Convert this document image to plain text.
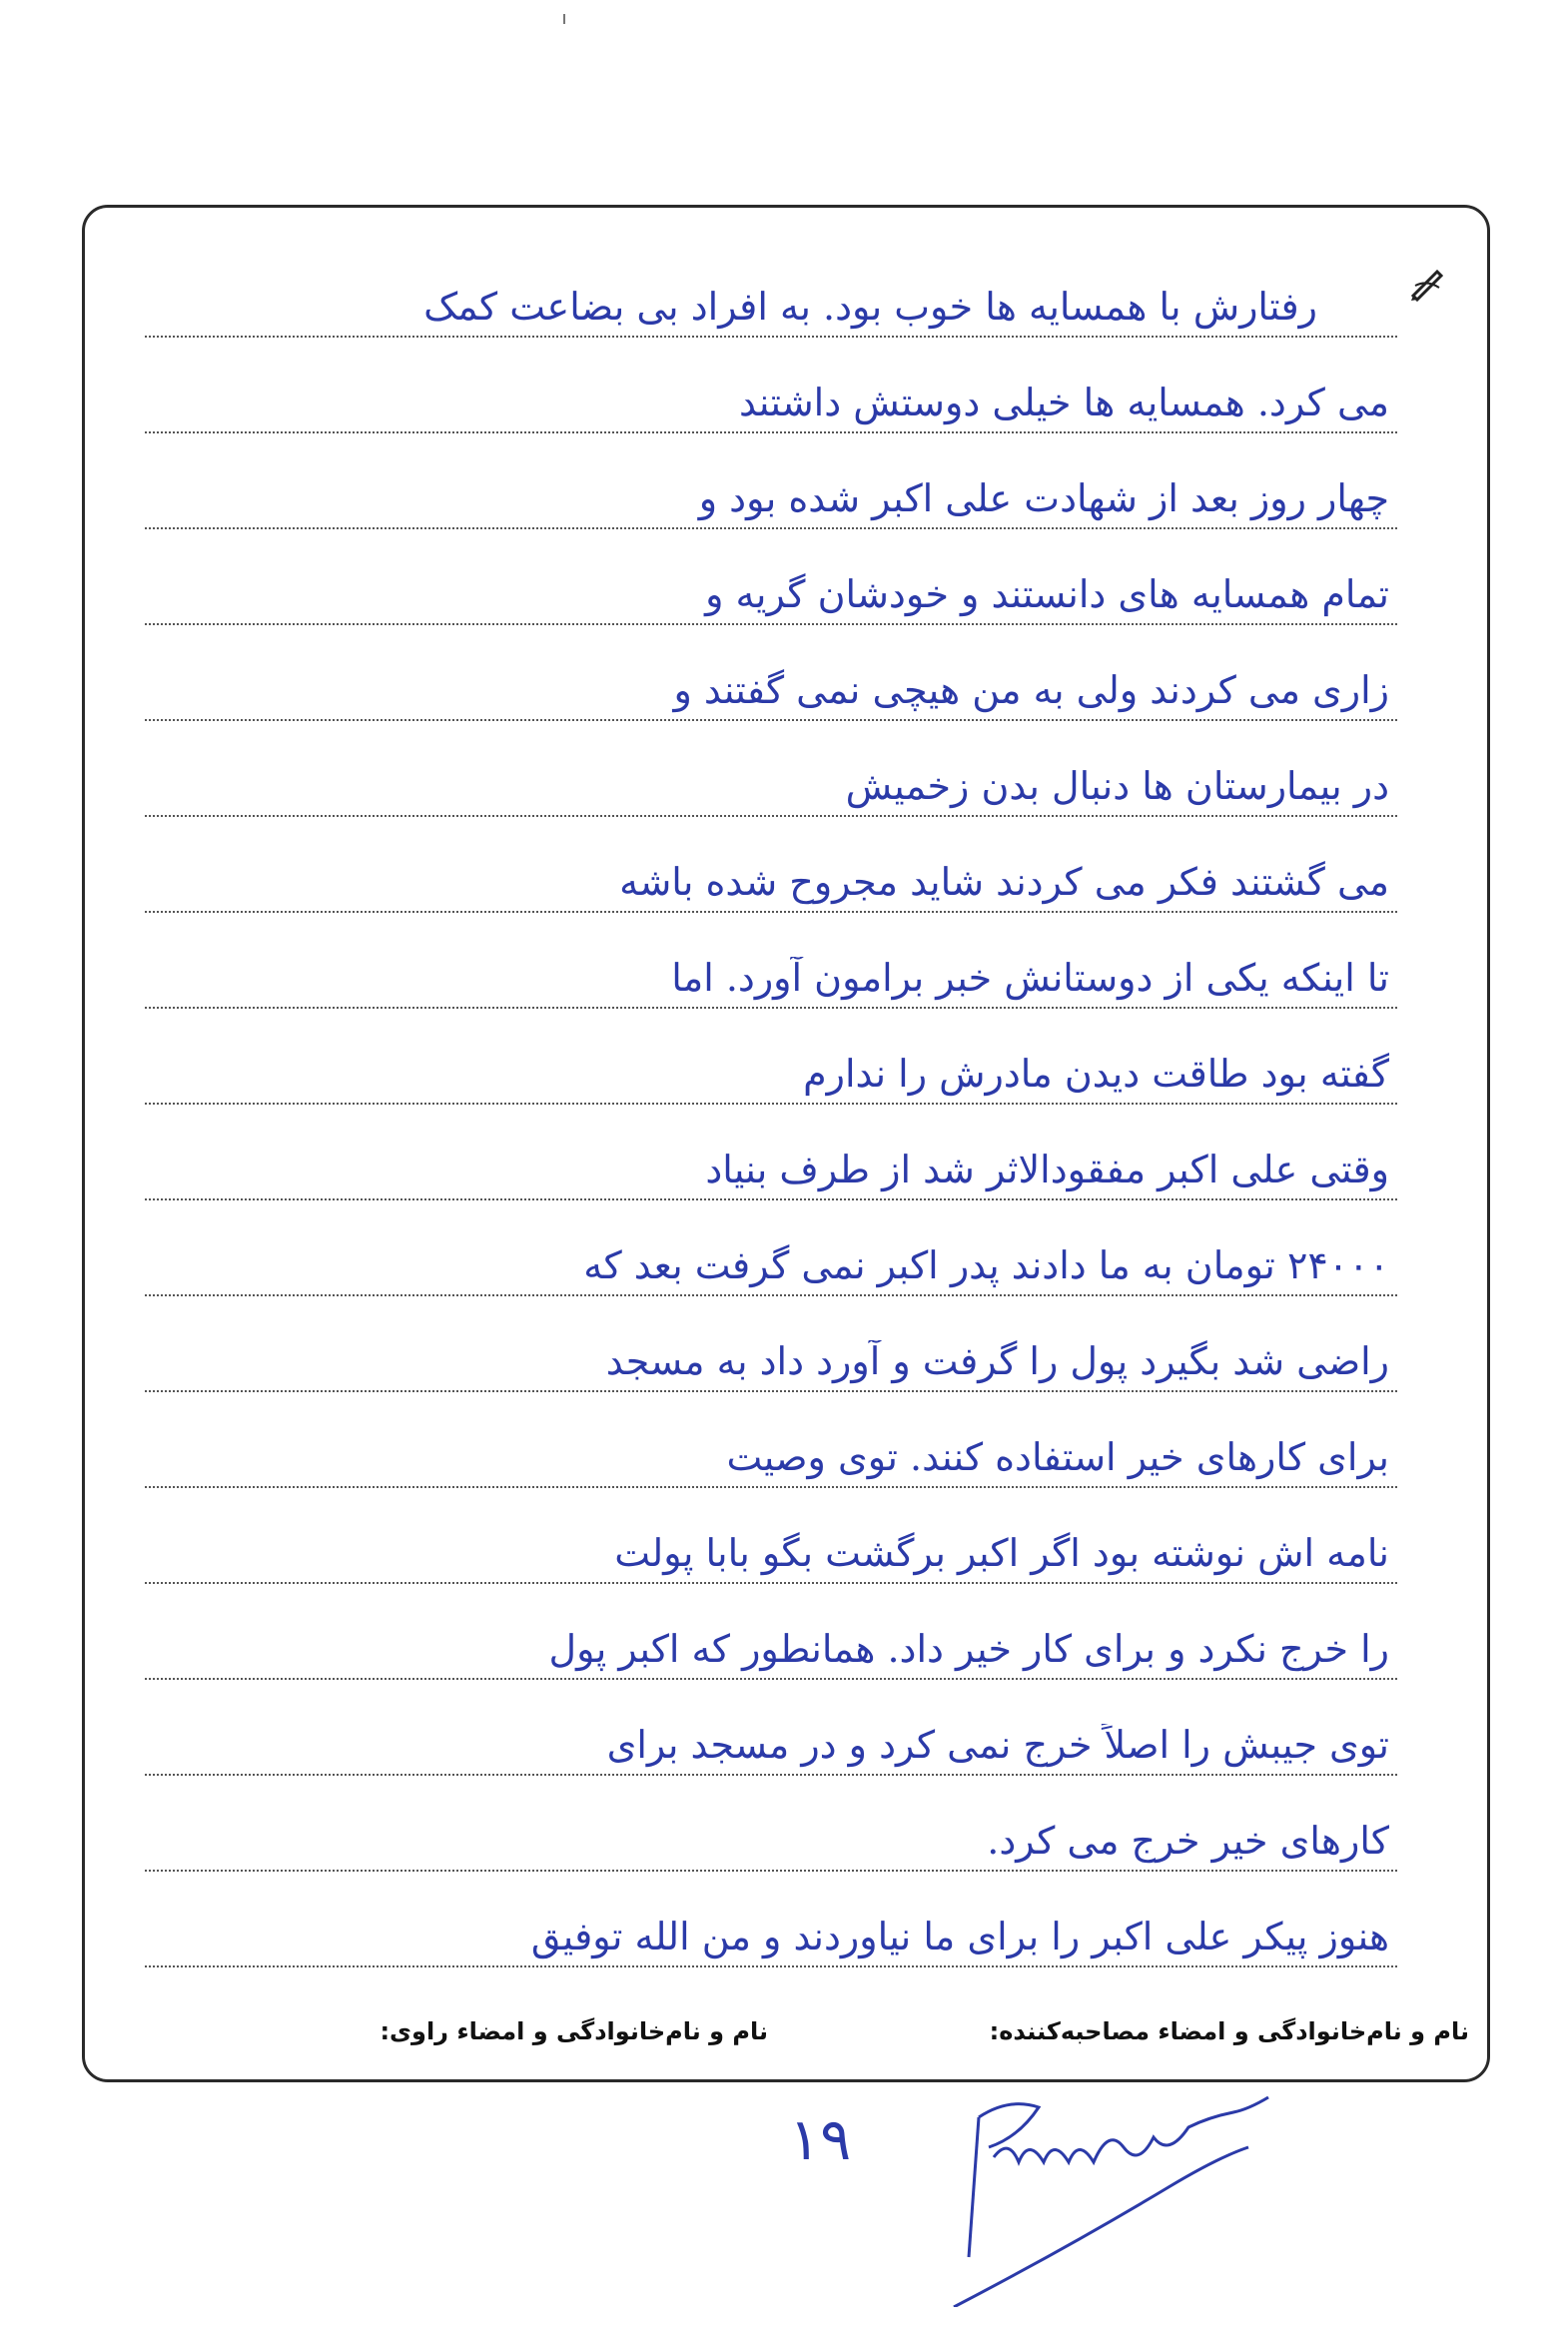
رفتارش با همسایه ها خوب بود. به افراد بی بضاعت کمک
می کرد. همسایه ها خیلی دوستش داشتند
چهار روز بعد از شهادت علی اکبر شده بود و
تمام همسایه های دانستند و خودشان گریه و
زاری می کردند ولی به من هیچی نمی گفتند و
در بیمارستان ها دنبال بدن زخمیش
می گشتند فکر می کردند شاید مجروح شده باشه
تا اینکه یکی از دوستانش خبر برامون آورد. اما
گفته بود طاقت دیدن مادرش را ندارم
وقتی علی اکبر مفقودالاثر شد از طرف بنیاد
۲۴۰۰۰ تومان به ما دادند پدر اکبر نمی گرفت بعد که
راضی شد بگیرد پول را گرفت و آورد داد به مسجد
برای کارهای خیر استفاده کنند. توی وصیت
نامه اش نوشته بود اگر اکبر برگشت بگو بابا پولت
را خرج نکرد و برای کار خیر داد. همانطور که اکبر پول
توی جیبش را اصلاً خرج نمی کرد و در مسجد برای
کارهای خیر خرج می کرد.
هنوز پیکر علی اکبر را برای ما نیاوردند و من الله توفیق
نام و نام‌خانوادگی و امضاء مصاحبه‌کننده:
نام و نام‌خانوادگی و امضاء راوی:
۱۹
